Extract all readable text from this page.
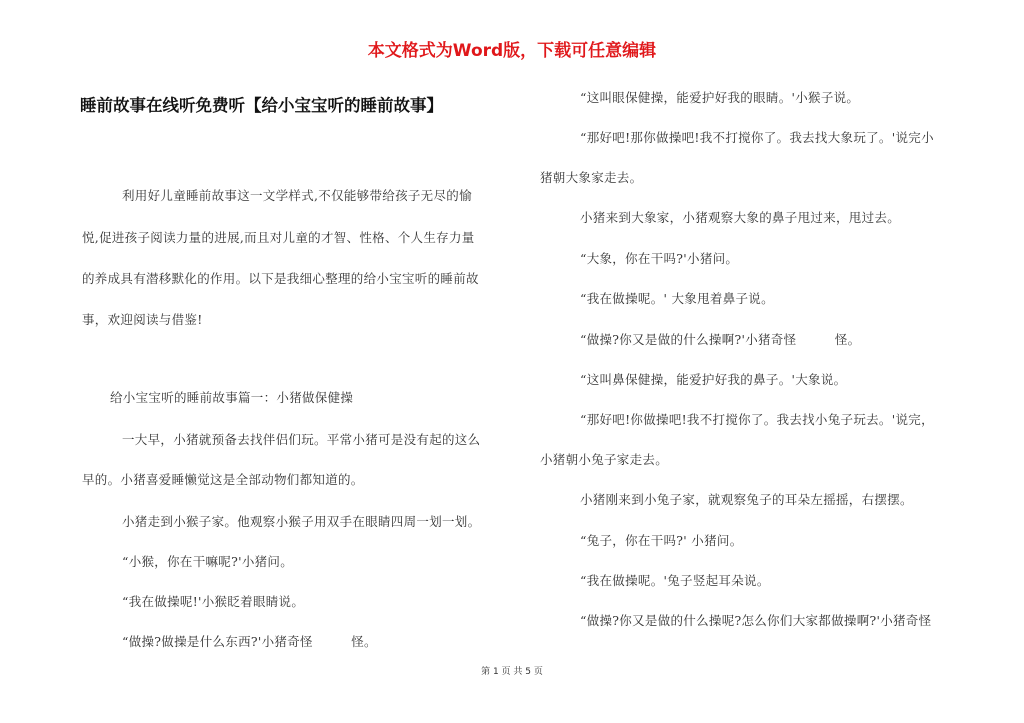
本文格式为Word版，下载可任意编辑
睡前故事在线听免费听【给小宝宝听的睡前故事】
利用好儿童睡前故事这一文学样式,不仅能够带给孩子无尽的愉
悦,促进孩子阅读力量的进展,而且对儿童的才智、性格、个人生存力量
的养成具有潜移默化的作用。以下是我细心整理的给小宝宝听的睡前故
事，欢迎阅读与借鉴!
给小宝宝听的睡前故事篇一：小猪做保健操
一大早，小猪就预备去找伴侣们玩。平常小猪可是没有起的这么
早的。小猪喜爱睡懒觉这是全部动物们都知道的。
小猪走到小猴子家。他观察小猴子用双手在眼睛四周一划一划。
“小猴，你在干嘛呢?'小猪问。
“我在做操呢!'小猴眨着眼睛说。
“做操?做操是什么东西?'小猪奇怪　　　怪。
“这叫眼保健操，能爱护好我的眼睛。'小猴子说。
“那好吧!那你做操吧!我不打搅你了。我去找大象玩了。'说完小
猪朝大象家走去。
小猪来到大象家，小猪观察大象的鼻子甩过来，甩过去。
“大象，你在干吗?'小猪问。
“我在做操呢。' 大象甩着鼻子说。
“做操?你又是做的什么操啊?'小猪奇怪　　　怪。
“这叫鼻保健操，能爱护好我的鼻子。'大象说。
“那好吧!你做操吧!我不打搅你了。我去找小兔子玩去。'说完，
小猪朝小兔子家走去。
小猪刚来到小兔子家，就观察兔子的耳朵左摇摇，右摆摆。
“兔子，你在干吗?' 小猪问。
“我在做操呢。'兔子竖起耳朵说。
“做操?你又是做的什么操呢?怎么你们大家都做操啊?'小猪奇怪
第 1 页 共 5 页
